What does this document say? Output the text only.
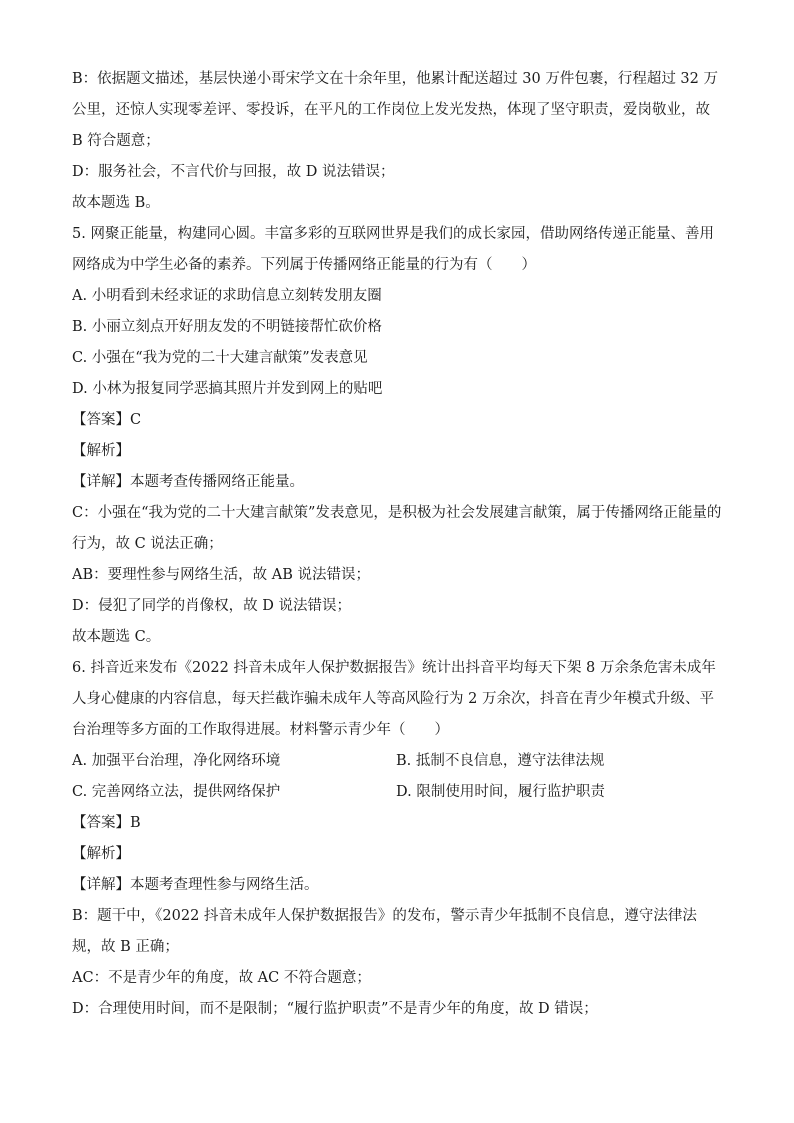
B：依据题文描述，基层快递小哥宋学文在十余年里，他累计配送超过 30 万件包裹，行程超过 32 万公里，还惊人实现零差评、零投诉，在平凡的工作岗位上发光发热，体现了坚守职责，爱岗敬业，故 B 符合题意；
D：服务社会，不言代价与回报，故 D 说法错误；
故本题选 B。
5. 网聚正能量，构建同心圆。丰富多彩的互联网世界是我们的成长家园，借助网络传递正能量、善用网络成为中学生必备的素养。下列属于传播网络正能量的行为有（　　）
A. 小明看到未经求证的求助信息立刻转发朋友圈
B. 小丽立刻点开好朋友发的不明链接帮忙砍价格
C. 小强在“我为党的二十大建言献策”发表意见
D. 小林为报复同学恶搞其照片并发到网上的贴吧
【答案】C
【解析】
【详解】本题考查传播网络正能量。
C：小强在“我为党的二十大建言献策”发表意见，是积极为社会发展建言献策，属于传播网络正能量的行为，故 C 说法正确；
AB：要理性参与网络生活，故 AB 说法错误；
D：侵犯了同学的肖像权，故 D 说法错误；
故本题选 C。
6. 抖音近来发布《2022 抖音未成年人保护数据报告》统计出抖音平均每天下架 8 万余条危害未成年人身心健康的内容信息，每天拦截诈骗未成年人等高风险行为 2 万余次，抖音在青少年模式升级、平台治理等多方面的工作取得进展。材料警示青少年（　　）
A. 加强平台治理，净化网络环境	B. 抵制不良信息，遵守法律法规
C. 完善网络立法，提供网络保护	D. 限制使用时间，履行监护职责
【答案】B
【解析】
【详解】本题考查理性参与网络生活。
B：题干中，《2022 抖音未成年人保护数据报告》的发布，警示青少年抵制不良信息，遵守法律法规，故 B 正确；
AC：不是青少年的角度，故 AC 不符合题意；
D：合理使用时间，而不是限制；“履行监护职责”不是青少年的角度，故 D 错误；
